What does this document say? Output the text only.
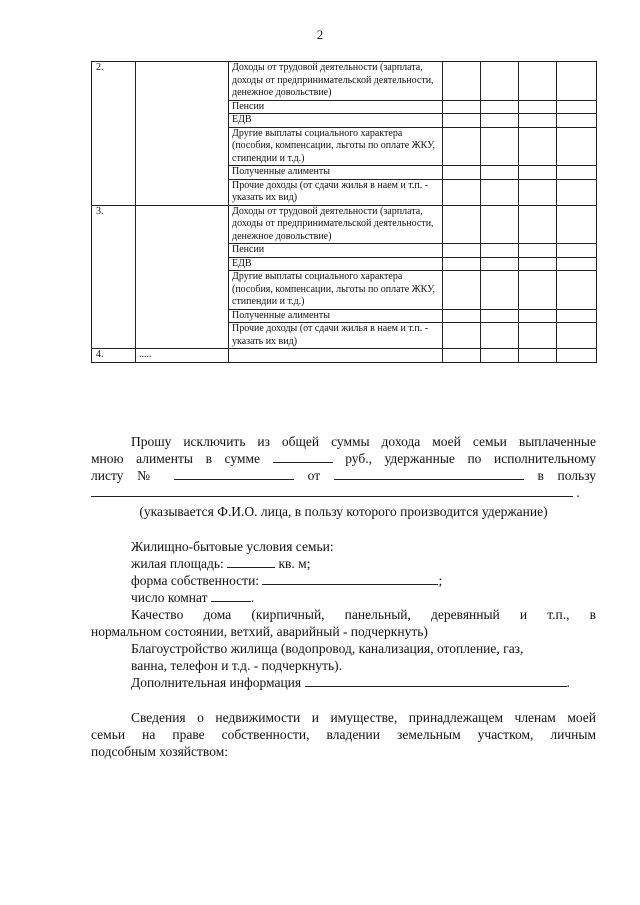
2
2.		Доходы от трудовой деятельности (зарплата, доходы от предпринимательской деятельности, денежное довольствие)				
		Пенсии				
		ЕДВ				
		Другие выплаты социального характера (пособия, компенсации, льготы по оплате ЖКУ, стипендии и т.д.)				
		Полученные алименты				
		Прочие доходы (от сдачи жилья в наем и т.п. - указать их вид)				
3.		Доходы от трудовой деятельности (зарплата, доходы от предпринимательской деятельности, денежное довольствие)				
		Пенсии				
		ЕДВ				
		Другие выплаты социального характера (пособия, компенсации, льготы по оплате ЖКУ, стипендии и т.д.)				
		Полученные алименты				
		Прочие доходы (от сдачи жилья в наем и т.п. - указать их вид)				
4.	.....					
Прошу исключить из общей суммы дохода моей семьи выплаченные
мною алименты в сумме	руб., удержанные по исполнительному
листу №	от	в пользу
.
(указывается Ф.И.О. лица, в пользу которого производится удержание)
Жилищно-бытовые условия семьи:
жилая площадь:	кв. м;
форма собственности:	;
число комнат	.
Качество дома (кирпичный, панельный, деревянный и т.п., в
нормальном состоянии, ветхий, аварийный - подчеркнуть)
Благоустройство жилища (водопровод, канализация, отопление, газ,
ванна, телефон и т.д. - подчеркнуть).
Дополнительная информация	.
Сведения о недвижимости и имуществе, принадлежащем членам моей
семьи на праве собственности, владении земельным участком, личным
подсобным хозяйством:
